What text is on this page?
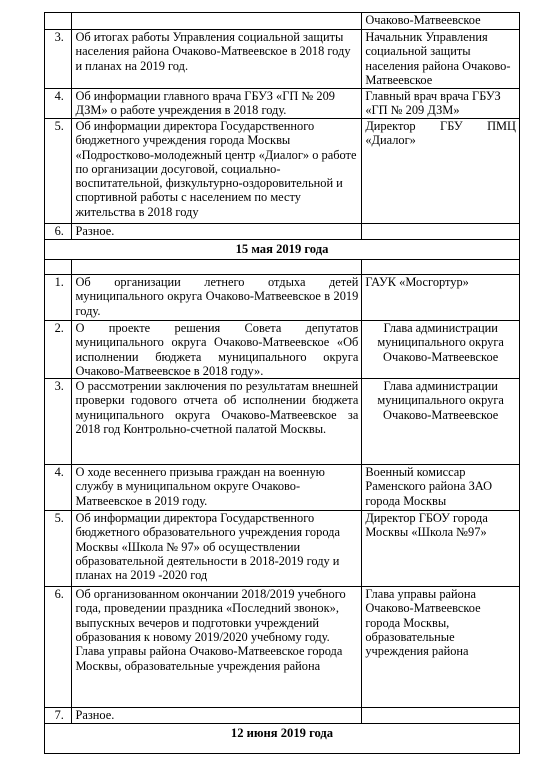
		Очаково-Матвеевское
3.	Об итогах работы Управления социальной защиты населения района Очаково-Матвеевское в 2018 году и планах на 2019 год.	Начальник Управления социальной защиты населения района Очаково-Матвеевское
4.	Об информации главного врача ГБУЗ «ГП № 209 ДЗМ» о работе учреждения в 2018 году.	Главный врач врача ГБУЗ «ГП № 209 ДЗМ»
5.	Об информации директора Государственного бюджетного учреждения города Москвы «Подростково-молодежный центр «Диалог» о работе по организации досуговой, социально-воспитательной, физкультурно-оздоровительной и спортивной работы с населением по месту жительства в 2018 году	Директор ГБУ ПМЦ «Диалог»
6.	Разное.	
15 мая 2019 года		

1.	Об организации летнего отдыха детей муниципального округа Очаково-Матвеевское в 2019 году.	ГАУК «Мосгортур»
2.	О проекте решения Совета депутатов муниципального округа Очаково-Матвеевское «Об исполнении бюджета муниципального округа Очаково-Матвеевское в 2018 году».	Глава администрации муниципального округа Очаково-Матвеевское
3.	О рассмотрении заключения по результатам внешней проверки годового отчета об исполнении бюджета муниципального округа Очаково-Матвеевское за 2018 год Контрольно-счетной палатой Москвы.	Глава администрации муниципального округа Очаково-Матвеевское
4.	О ходе весеннего призыва граждан на военную службу в муниципальном округе Очаково-Матвеевское в 2019 году.	Военный комиссар Раменского района ЗАО города Москвы
5.	Об информации директора Государственного бюджетного образовательного учреждения города Москвы «Школа № 97» об осуществлении образовательной деятельности в 2018-2019 году и планах на 2019 -2020 год	Директор ГБОУ города Москвы «Школа №97»
6.	Об организованном окончании 2018/2019 учебного года, проведении праздника «Последний звонок», выпускных вечеров и подготовки учреждений образования к новому 2019/2020 учебному году. Глава управы района Очаково-Матвеевское города Москвы, образовательные учреждения района	Глава управы района Очаково-Матвеевское города Москвы, образовательные учреждения района
7.	Разное.	
12 июня 2019 года		
